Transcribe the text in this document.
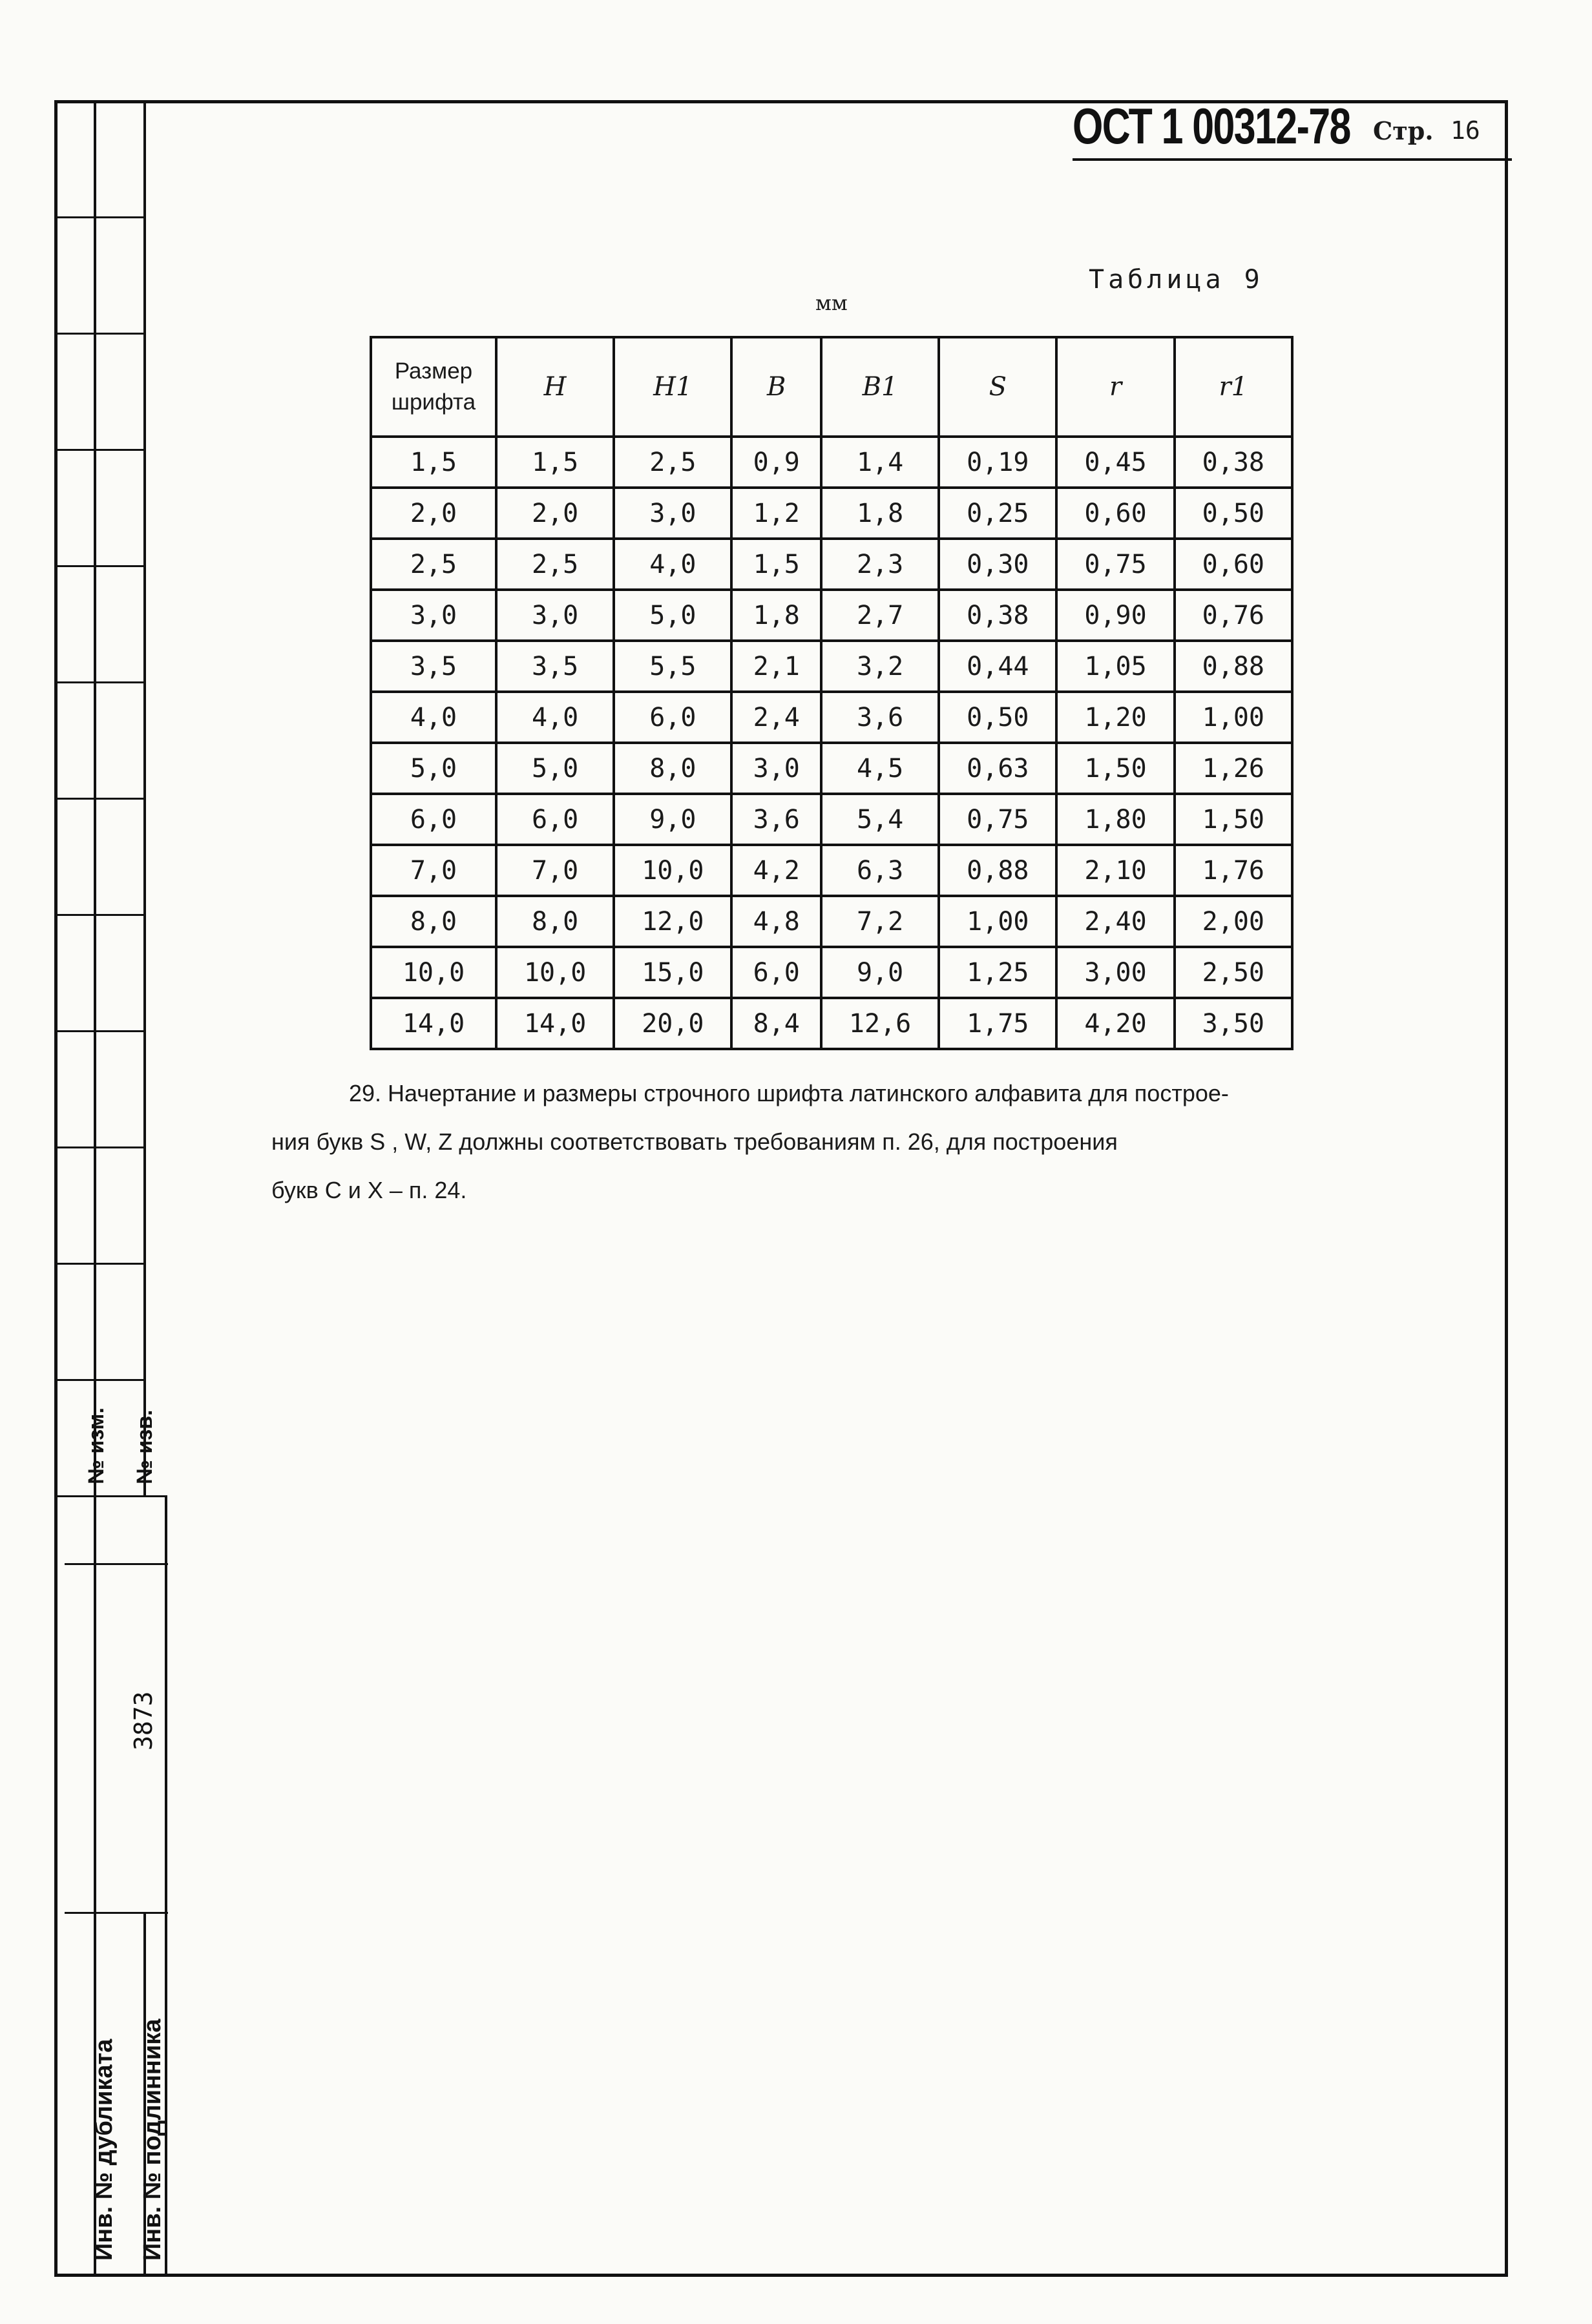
№ изм. № изв.
Инв. № дубликата Инв. № подлинника
3873
ОСТ 1 00312-78 Стр. 16
Таблица 9
мм
Размер шрифта	H	H1	B	B1	S	r	r1
1,5	1,5	2,5	0,9	1,4	0,19	0,45	0,38
2,0	2,0	3,0	1,2	1,8	0,25	0,60	0,50
2,5	2,5	4,0	1,5	2,3	0,30	0,75	0,60
3,0	3,0	5,0	1,8	2,7	0,38	0,90	0,76
3,5	3,5	5,5	2,1	3,2	0,44	1,05	0,88
4,0	4,0	6,0	2,4	3,6	0,50	1,20	1,00
5,0	5,0	8,0	3,0	4,5	0,63	1,50	1,26
6,0	6,0	9,0	3,6	5,4	0,75	1,80	1,50
7,0	7,0	10,0	4,2	6,3	0,88	2,10	1,76
8,0	8,0	12,0	4,8	7,2	1,00	2,40	2,00
10,0	10,0	15,0	6,0	9,0	1,25	3,00	2,50
14,0	14,0	20,0	8,4	12,6	1,75	4,20	3,50
29. Начертание и размеры строчного шрифта латинского алфавита для построе-
ния букв S , W, Z должны соответствовать требованиям п. 26, для построения
букв C и X – п. 24.
